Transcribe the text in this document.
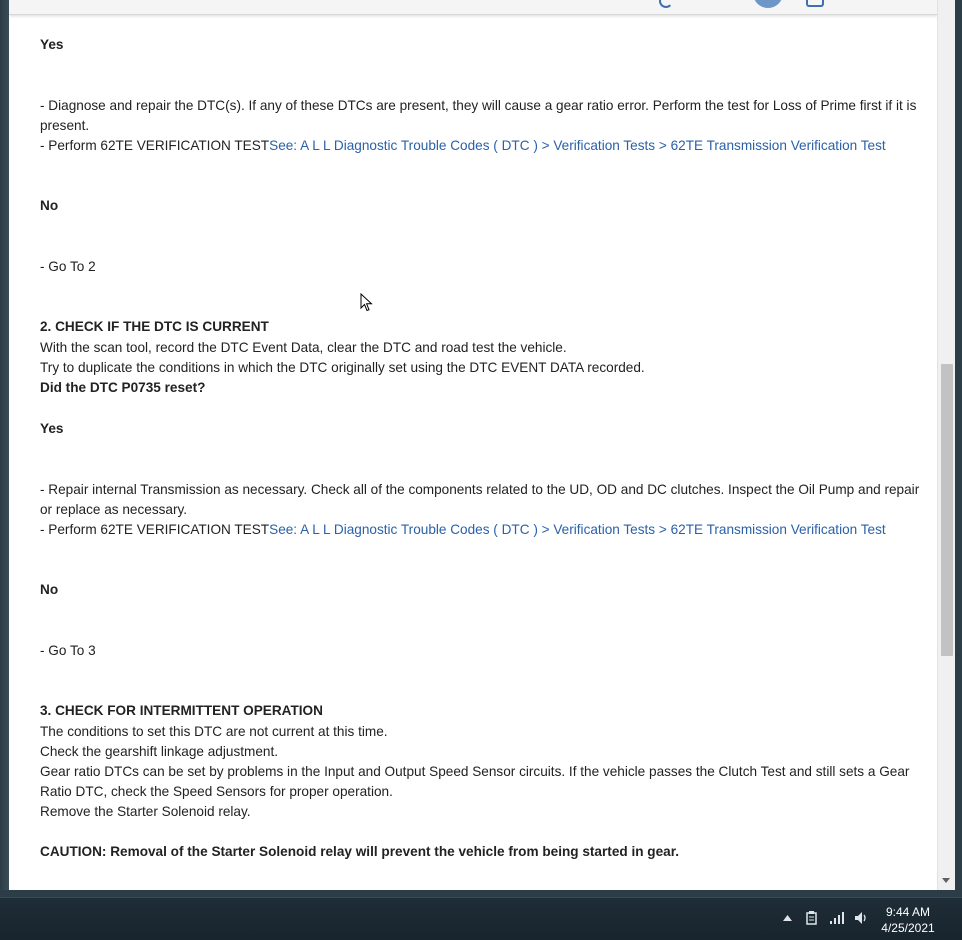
Yes
- Diagnose and repair the DTC(s). If any of these DTCs are present, they will cause a gear ratio error. Perform the test for Loss of Prime first if it is present.
- Perform 62TE VERIFICATION TESTSee: A L L Diagnostic Trouble Codes ( DTC ) > Verification Tests > 62TE Transmission Verification Test
No
- Go To 2
2. CHECK IF THE DTC IS CURRENT
With the scan tool, record the DTC Event Data, clear the DTC and road test the vehicle.
Try to duplicate the conditions in which the DTC originally set using the DTC EVENT DATA recorded.
Did the DTC P0735 reset?
Yes
- Repair internal Transmission as necessary. Check all of the components related to the UD, OD and DC clutches. Inspect the Oil Pump and repair or replace as necessary.
- Perform 62TE VERIFICATION TESTSee: A L L Diagnostic Trouble Codes ( DTC ) > Verification Tests > 62TE Transmission Verification Test
No
- Go To 3
3. CHECK FOR INTERMITTENT OPERATION
The conditions to set this DTC are not current at this time.
Check the gearshift linkage adjustment.
Gear ratio DTCs can be set by problems in the Input and Output Speed Sensor circuits. If the vehicle passes the Clutch Test and still sets a Gear Ratio DTC, check the Speed Sensors for proper operation.
Remove the Starter Solenoid relay.
CAUTION: Removal of the Starter Solenoid relay will prevent the vehicle from being started in gear.
9:44 AM
4/25/2021
